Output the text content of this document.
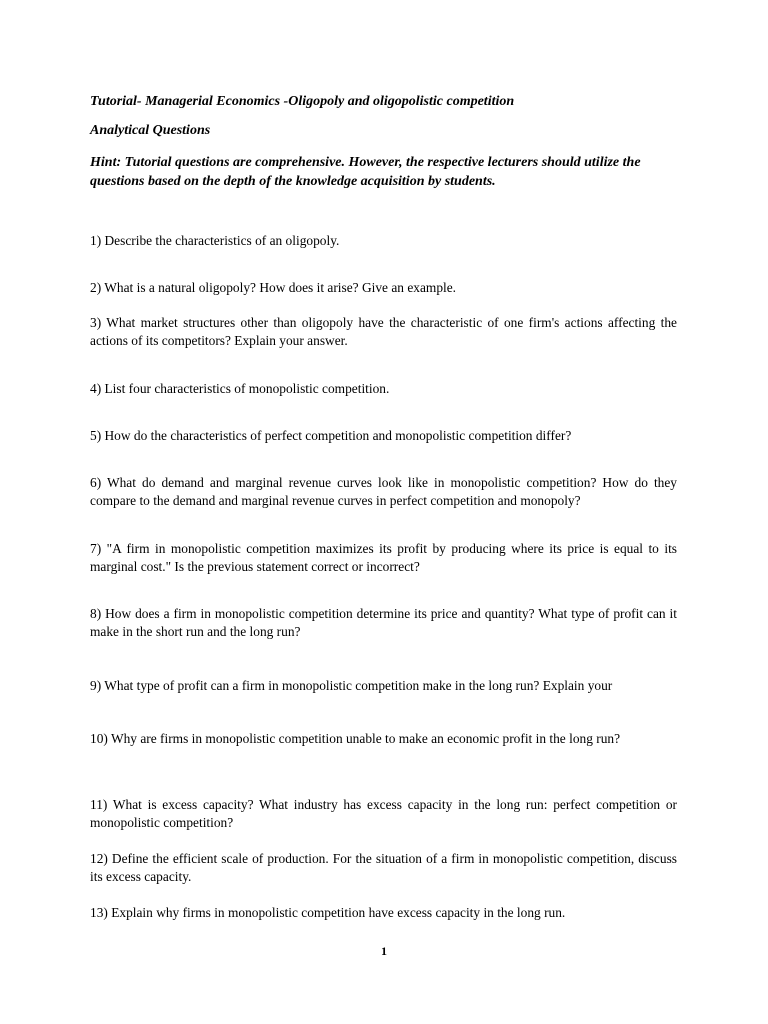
Tutorial- Managerial Economics -Oligopoly and oligopolistic competition
Analytical Questions
Hint: Tutorial questions are comprehensive. However, the respective lecturers should utilize the questions based on the depth of the knowledge acquisition by students.
1) Describe the characteristics of an oligopoly.
2) What is a natural oligopoly? How does it arise? Give an example.
3) What market structures other than oligopoly have the characteristic of one firm's actions affecting the actions of its competitors? Explain your answer.
4) List four characteristics of monopolistic competition.
5) How do the characteristics of perfect competition and monopolistic competition differ?
6) What do demand and marginal revenue curves look like in monopolistic competition? How do they compare to the demand and marginal revenue curves in perfect competition and monopoly?
7) "A firm in monopolistic competition maximizes its profit by producing where its price is equal to its marginal cost." Is the previous statement correct or incorrect?
8) How does a firm in monopolistic competition determine its price and quantity? What type of profit can it make in the short run and the long run?
9) What type of profit can a firm in monopolistic competition make in the long run? Explain your
10) Why are firms in monopolistic competition unable to make an economic profit in the long run?
11) What is excess capacity? What industry has excess capacity in the long run: perfect competition or monopolistic competition?
12) Define the efficient scale of production. For the situation of a firm in monopolistic competition, discuss its excess capacity.
13) Explain why firms in monopolistic competition have excess capacity in the long run.
1
